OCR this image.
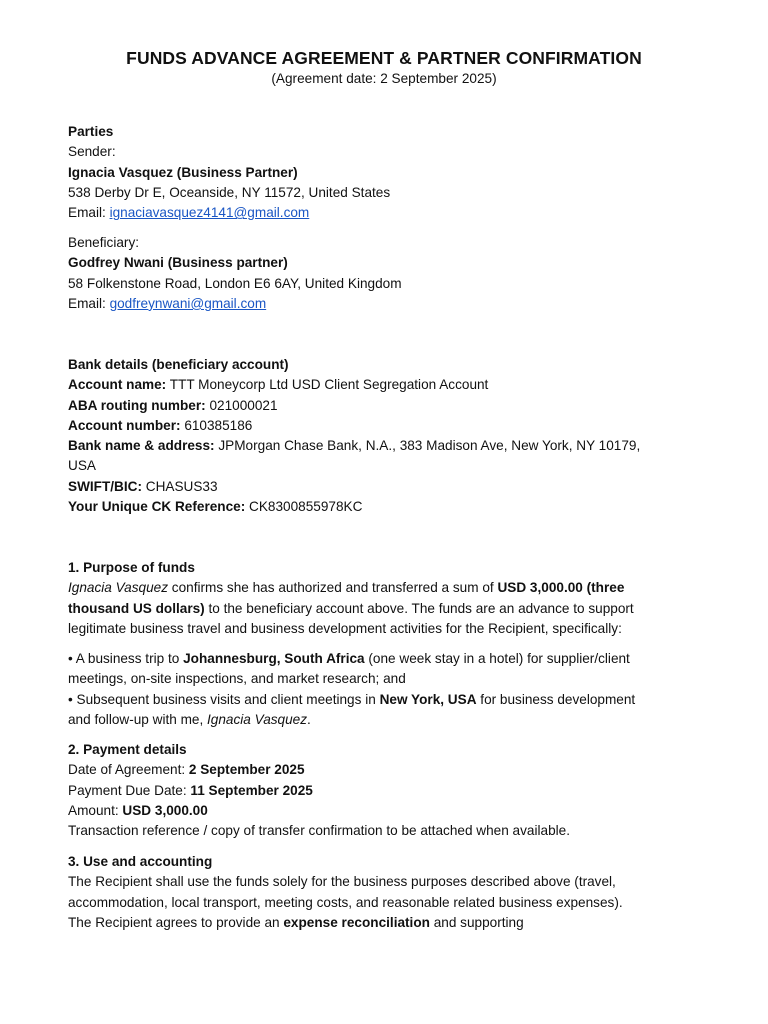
FUNDS ADVANCE AGREEMENT & PARTNER CONFIRMATION
(Agreement date: 2 September 2025)

Parties

Sender:

Ignacia Vasquez (Business Partner)

538 Derby Dr E, Oceanside, NY 11572, United States

Email: ignaciavasquez4141@gmail.com

Beneficiary:

Godfrey Nwani (Business partner)

58 Folkenstone Road, London E6 6AY, United Kingdom

Email: godfreynwani@gmail.com

Bank details (beneficiary account)

Account name: TTT Moneycorp Ltd USD Client Segregation Account

ABA routing number: 021000021

Account number: 610385186

Bank name & address: JPMorgan Chase Bank, N.A., 383 Madison Ave, New York, NY 10179,

USA

SWIFT/BIC: CHASUS33

Your Unique CK Reference: CK8300855978KC

1. Purpose of funds

Ignacia Vasquez confirms she has authorized and transferred a sum of USD 3,000.00 (three

thousand US dollars) to the beneficiary account above. The funds are an advance to support

legitimate business travel and business development activities for the Recipient, specifically:

• A business trip to Johannesburg, South Africa (one week stay in a hotel) for supplier/client

meetings, on-site inspections, and market research; and

• Subsequent business visits and client meetings in New York, USA for business development

and follow-up with me, Ignacia Vasquez.

2. Payment details

Date of Agreement: 2 September 2025

Payment Due Date: 11 September 2025

Amount: USD 3,000.00

Transaction reference / copy of transfer confirmation to be attached when available.

3. Use and accounting

The Recipient shall use the funds solely for the business purposes described above (travel,

accommodation, local transport, meeting costs, and reasonable related business expenses).

The Recipient agrees to provide an expense reconciliation and supporting
